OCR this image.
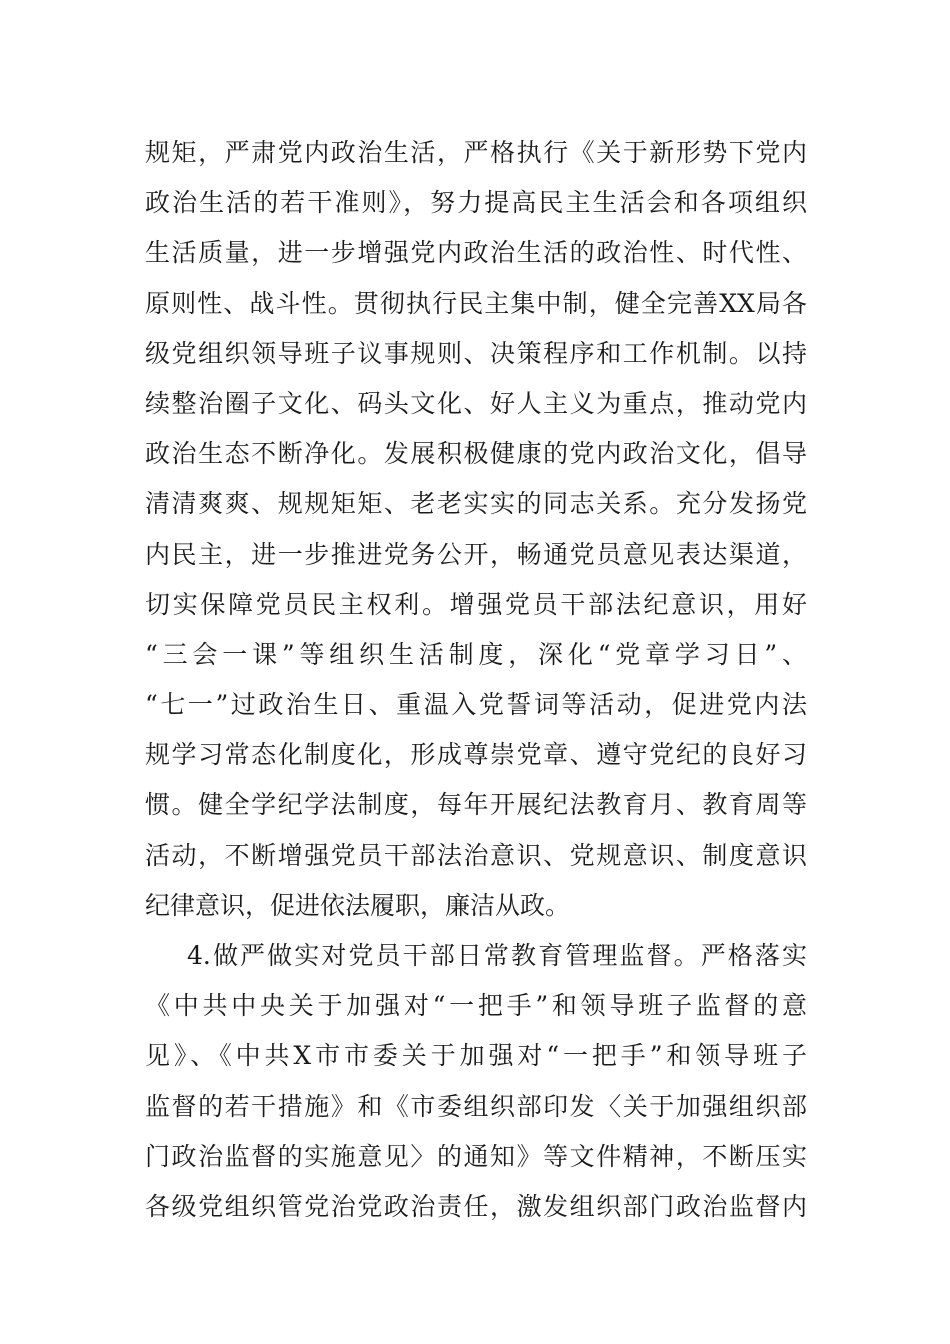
规矩，严肃党内政治生活，严格执行《关于新形势下党内
政治生活的若干准则》，努力提高民主生活会和各项组织
生活质量，进一步增强党内政治生活的政治性、时代性、
原则性、战斗性。贯彻执行民主集中制，健全完善XX局各
级党组织领导班子议事规则、决策程序和工作机制。以持
续整治圈子文化、码头文化、好人主义为重点，推动党内
政治生态不断净化。发展积极健康的党内政治文化，倡导
清清爽爽、规规矩矩、老老实实的同志关系。充分发扬党
内民主，进一步推进党务公开，畅通党员意见表达渠道，
切实保障党员民主权利。增强党员干部法纪意识，用好
“三会一课”等组织生活制度，深化“党章学习日”、
“七一”过政治生日、重温入党誓词等活动，促进党内法
规学习常态化制度化，形成尊崇党章、遵守党纪的良好习
惯。健全学纪学法制度，每年开展纪法教育月、教育周等
活动，不断增强党员干部法治意识、党规意识、制度意识
纪律意识，促进依法履职，廉洁从政。
4.做严做实对党员干部日常教育管理监督。严格落实
《中共中央关于加强对“一把手”和领导班子监督的意
见》、《中共X市市委关于加强对“一把手”和领导班子
监督的若干措施》和《市委组织部印发〈关于加强组织部
门政治监督的实施意见〉的通知》等文件精神，不断压实
各级党组织管党治党政治责任，激发组织部门政治监督内
